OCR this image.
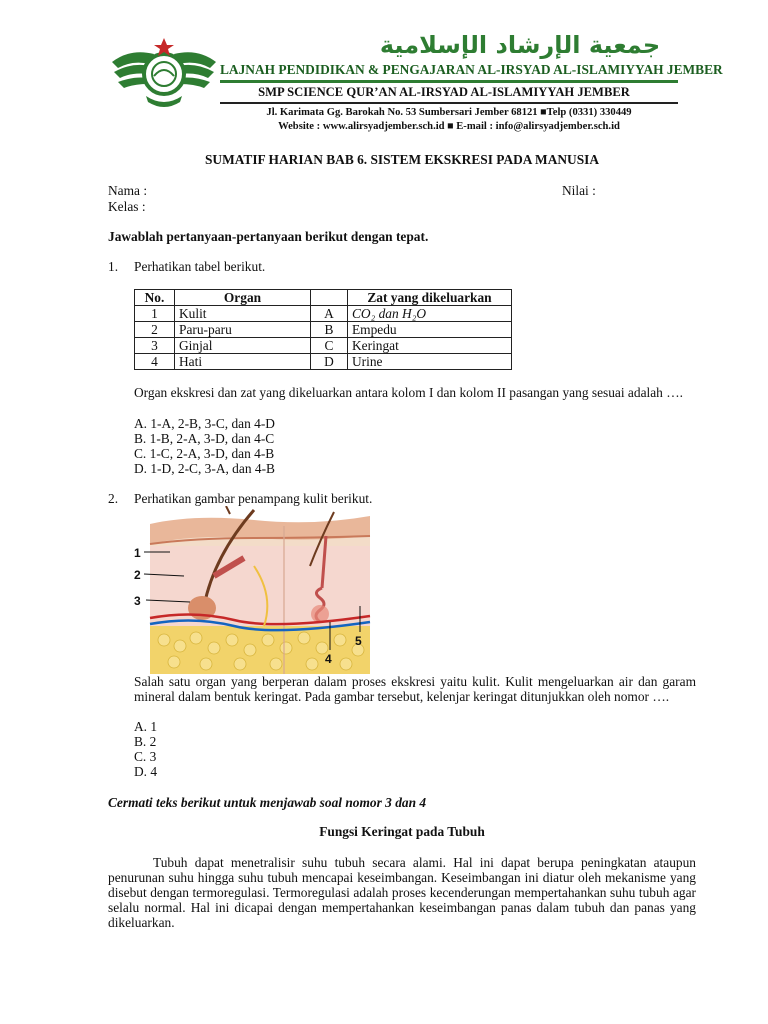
جمعية الإرشاد الإسلامية
LAJNAH PENDIDIKAN & PENGAJARAN AL-IRSYAD AL-ISLAMIYYAH JEMBER
SMP SCIENCE QUR’AN AL-IRSYAD AL-ISLAMIYYAH JEMBER
Jl. Karimata Gg. Barokah No. 53 Sumbersari Jember 68121 ■Telp (0331) 330449
Website : www.alirsyadjember.sch.id ■ E-mail : info@alirsyadjember.sch.id
SUMATIF HARIAN BAB 6. SISTEM EKSKRESI PADA MANUSIA
Nama :	Nilai :
Kelas :
Jawablah pertanyaan-pertanyaan berikut dengan tepat.
1. Perhatikan tabel berikut.
No.	Organ		Zat yang dikeluarkan
1	Kulit	A	CO₂ dan H₂O
2	Paru-paru	B	Empedu
3	Ginjal	C	Keringat
4	Hati	D	Urine
Organ ekskresi dan zat yang dikeluarkan antara kolom I dan kolom II pasangan yang sesuai adalah ….
A. 1-A, 2-B, 3-C, dan 4-D
B. 1-B, 2-A, 3-D, dan 4-C
C. 1-C, 2-A, 3-D, dan 4-B
D. 1-D, 2-C, 3-A, dan 4-B
2. Perhatikan gambar penampang kulit berikut.
1
2
3
4
5
Salah satu organ yang berperan dalam proses ekskresi yaitu kulit. Kulit mengeluarkan air dan garam mineral dalam bentuk keringat. Pada gambar tersebut, kelenjar keringat ditunjukkan oleh nomor ….
A. 1
B. 2
C. 3
D. 4
Cermati teks berikut untuk menjawab soal nomor 3 dan 4
Fungsi Keringat pada Tubuh
Tubuh dapat menetralisir suhu tubuh secara alami. Hal ini dapat berupa peningkatan ataupun penurunan suhu hingga suhu tubuh mencapai keseimbangan. Keseimbangan ini diatur oleh mekanisme yang disebut dengan termoregulasi. Termoregulasi adalah proses kecenderungan mempertahankan suhu tubuh agar selalu normal. Hal ini dicapai dengan mempertahankan keseimbangan panas dalam tubuh dan panas yang dikeluarkan.
